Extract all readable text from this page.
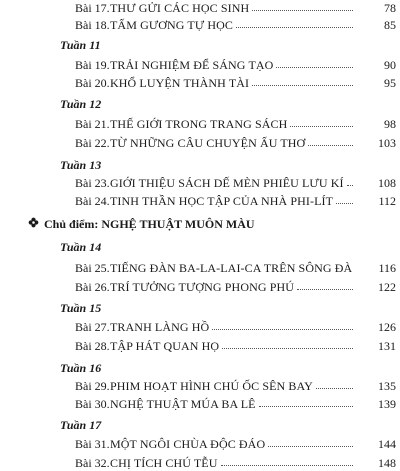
Bài 17. THƯ GỬI CÁC HỌC SINH	78
Bài 18. TẤM GƯƠNG TỰ HỌC	85
Tuần 11
Bài 19. TRẢI NGHIỆM ĐỂ SÁNG TẠO	90
Bài 20. KHỔ LUYỆN THÀNH TÀI	95
Tuần 12
Bài 21. THẾ GIỚI TRONG TRANG SÁCH	98
Bài 22. TỪ NHỮNG CÂU CHUYỆN ẤU THƠ	103
Tuần 13
Bài 23. GIỚI THIỆU SÁCH DẾ MÈN PHIÊU LƯU KÍ	108
Bài 24. TINH THẦN HỌC TẬP CỦA NHÀ PHI-LÍT	112
Chủ điểm: NGHỆ THUẬT MUÔN MÀU
Tuần 14
Bài 25. TIẾNG ĐÀN BA-LA-LAI-CA TRÊN SÔNG ĐÀ	116
Bài 26. TRÍ TƯỞNG TƯỢNG PHONG PHÚ	122
Tuần 15
Bài 27. TRANH LÀNG HỒ	126
Bài 28. TẬP HÁT QUAN HỌ	131
Tuần 16
Bài 29. PHIM HOẠT HÌNH CHÚ ỐC SÊN BAY	135
Bài 30. NGHỆ THUẬT MÚA BA LÊ	139
Tuần 17
Bài 31. MỘT NGÔI CHÙA ĐỘC ĐÁO	144
Bài 32. CHỊ TÍCH CHÚ TỄU	148
